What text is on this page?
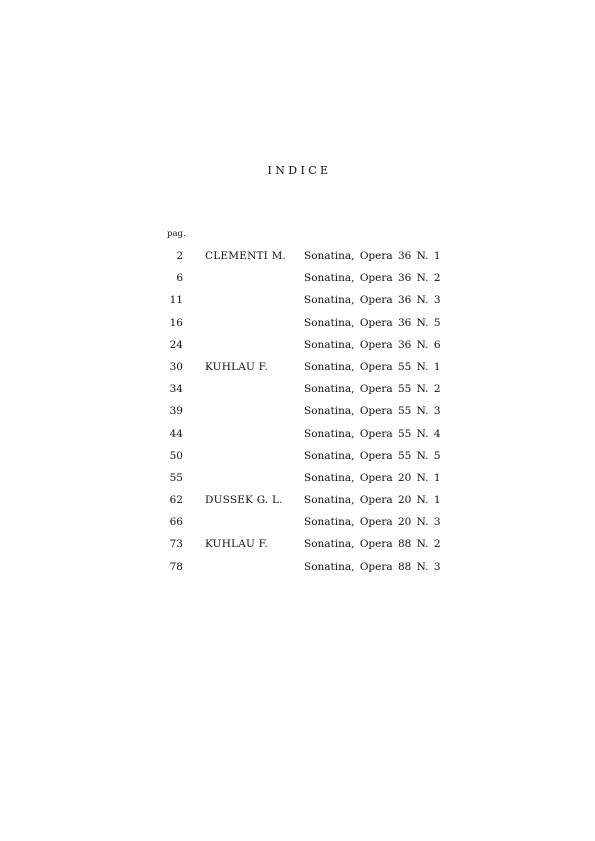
INDICE
pag.
2 CLEMENTI M. Sonatina, Opera 36 N. 1
6	Sonatina, Opera 36 N. 2
11	Sonatina, Opera 36 N. 3
16	Sonatina, Opera 36 N. 5
24	Sonatina, Opera 36 N. 6
30 KUHLAU F.	Sonatina, Opera 55 N. 1
34	Sonatina, Opera 55 N. 2
39	Sonatina, Opera 55 N. 3
44	Sonatina, Opera 55 N. 4
50	Sonatina, Opera 55 N. 5
55	Sonatina, Opera 20 N. 1
62 DUSSEK G. L. Sonatina, Opera 20 N. 1
66	Sonatina, Opera 20 N. 3
73 KUHLAU F.	Sonatina, Opera 88 N. 2
78	Sonatina, Opera 88 N. 3
